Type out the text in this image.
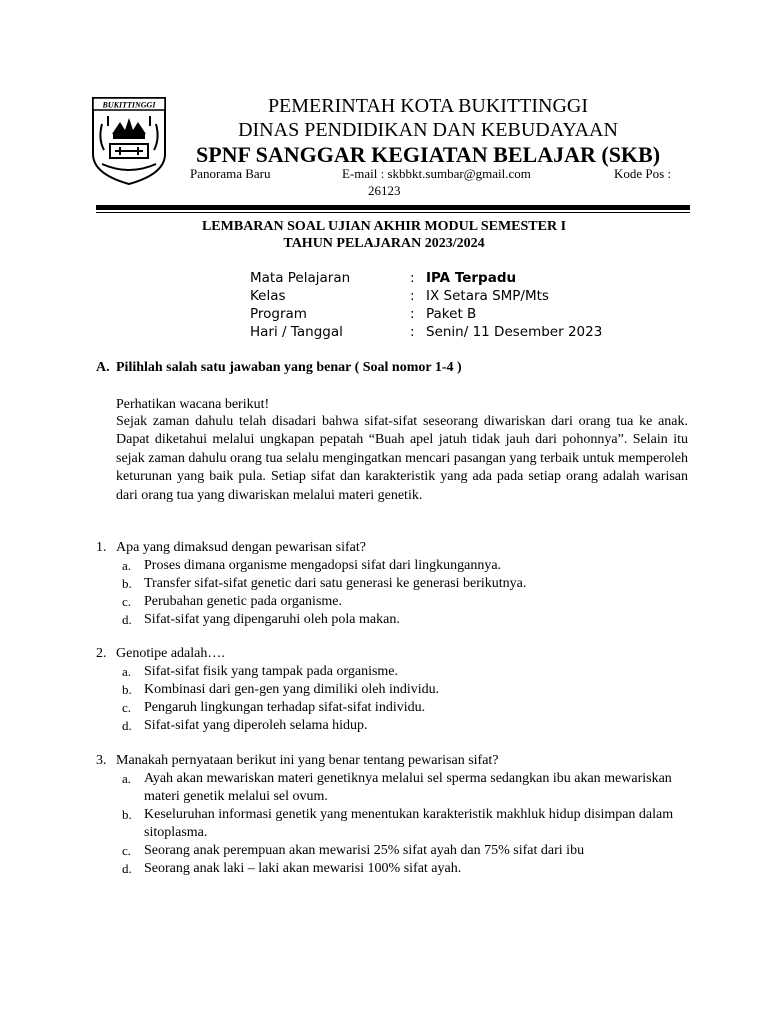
BUKITTINGGI	PEMERINTAH KOTA BUKITTINGGI
DINAS PENDIDIKAN DAN KEBUDAYAAN
SPNF SANGGAR KEGIATAN BELAJAR (SKB)
Panorama Baru	E-mail : skbbkt.sumbar@gmail.com	Kode Pos :
26123
LEMBARAN SOAL UJIAN AKHIR MODUL SEMESTER I
TAHUN PELAJARAN 2023/2024
Mata Pelajaran	: IPA Terpadu
Kelas	: IX Setara SMP/Mts
Program	: Paket B
Hari / Tanggal	: Senin/ 11 Desember 2023
A. Pilihlah salah satu jawaban yang benar ( Soal nomor 1-4 )
Perhatikan wacana berikut!
Sejak zaman dahulu telah disadari bahwa sifat-sifat seseorang diwariskan dari orang tua ke anak. Dapat diketahui melalui ungkapan pepatah “Buah apel jatuh tidak jauh dari pohonnya”. Selain itu sejak zaman dahulu orang tua selalu mengingatkan mencari pasangan yang terbaik untuk memperoleh keturunan yang baik pula. Setiap sifat dan karakteristik yang ada pada setiap orang adalah warisan dari orang tua yang diwariskan melalui materi genetik.
1. Apa yang dimaksud dengan pewarisan sifat?
a. Proses dimana organisme mengadopsi sifat dari lingkungannya.
b. Transfer sifat-sifat genetic dari satu generasi ke generasi berikutnya.
c. Perubahan genetic pada organisme.
d. Sifat-sifat yang dipengaruhi oleh pola makan.
2. Genotipe adalah….
a. Sifat-sifat fisik yang tampak pada organisme.
b. Kombinasi dari gen-gen yang dimiliki oleh individu.
c. Pengaruh lingkungan terhadap sifat-sifat individu.
d. Sifat-sifat yang diperoleh selama hidup.
3. Manakah pernyataan berikut ini yang benar tentang pewarisan sifat?
a. Ayah akan mewariskan materi genetiknya melalui sel sperma sedangkan ibu akan mewariskan materi genetik melalui sel ovum.
b. Keseluruhan informasi genetik yang menentukan karakteristik makhluk hidup disimpan dalam sitoplasma.
c. Seorang anak perempuan akan mewarisi 25% sifat ayah dan 75% sifat dari ibu
d. Seorang anak laki – laki akan mewarisi 100% sifat ayah.
